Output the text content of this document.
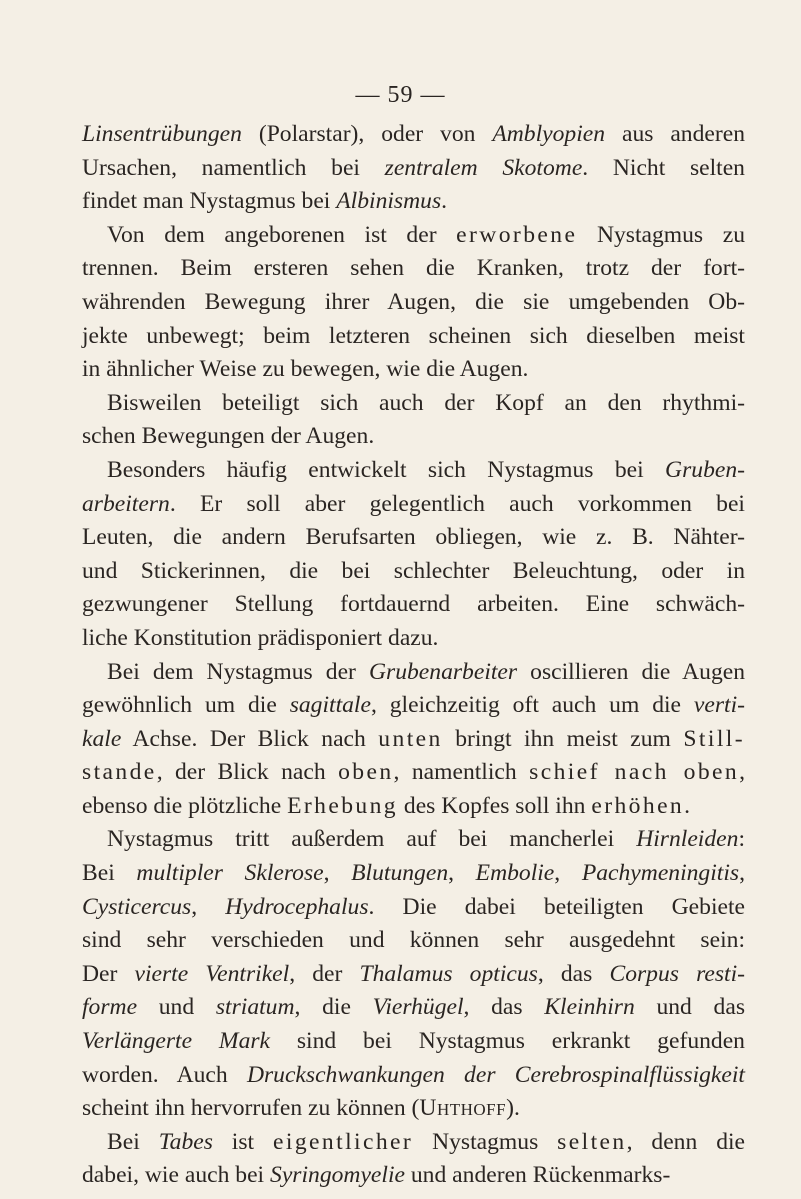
— 59 —
Linsentrübungen (Polarstar), oder von Amblyopien aus anderen
Ursachen, namentlich bei zentralem Skotome. Nicht selten
findet man Nystagmus bei Albinismus.
Von dem angeborenen ist der erworbene Nystagmus zu
trennen. Beim ersteren sehen die Kranken, trotz der fort-
währenden Bewegung ihrer Augen, die sie umgebenden Ob-
jekte unbewegt; beim letzteren scheinen sich dieselben meist
in ähnlicher Weise zu bewegen, wie die Augen.
Bisweilen beteiligt sich auch der Kopf an den rhythmi-
schen Bewegungen der Augen.
Besonders häufig entwickelt sich Nystagmus bei Gruben-
arbeitern. Er soll aber gelegentlich auch vorkommen bei
Leuten, die andern Berufsarten obliegen, wie z. B. Nähter-
und Stickerinnen, die bei schlechter Beleuchtung, oder in
gezwungener Stellung fortdauernd arbeiten. Eine schwäch-
liche Konstitution prädisponiert dazu.
Bei dem Nystagmus der Grubenarbeiter oscillieren die Augen
gewöhnlich um die sagittale, gleichzeitig oft auch um die verti-
kale Achse. Der Blick nach unten bringt ihn meist zum Still-
stande, der Blick nach oben, namentlich schief nach oben,
ebenso die plötzliche Erhebung des Kopfes soll ihn erhöhen.
Nystagmus tritt außerdem auf bei mancherlei Hirnleiden:
Bei multipler Sklerose, Blutungen, Embolie, Pachymeningitis,
Cysticercus, Hydrocephalus. Die dabei beteiligten Gebiete
sind sehr verschieden und können sehr ausgedehnt sein:
Der vierte Ventrikel, der Thalamus opticus, das Corpus resti-
forme und striatum, die Vierhügel, das Kleinhirn und das
Verlängerte Mark sind bei Nystagmus erkrankt gefunden
worden. Auch Druckschwankungen der Cerebrospinalflüssigkeit
scheint ihn hervorrufen zu können (Uhthoff).
Bei Tabes ist eigentlicher Nystagmus selten, denn die
dabei, wie auch bei Syringomyelie und anderen Rückenmarks-
